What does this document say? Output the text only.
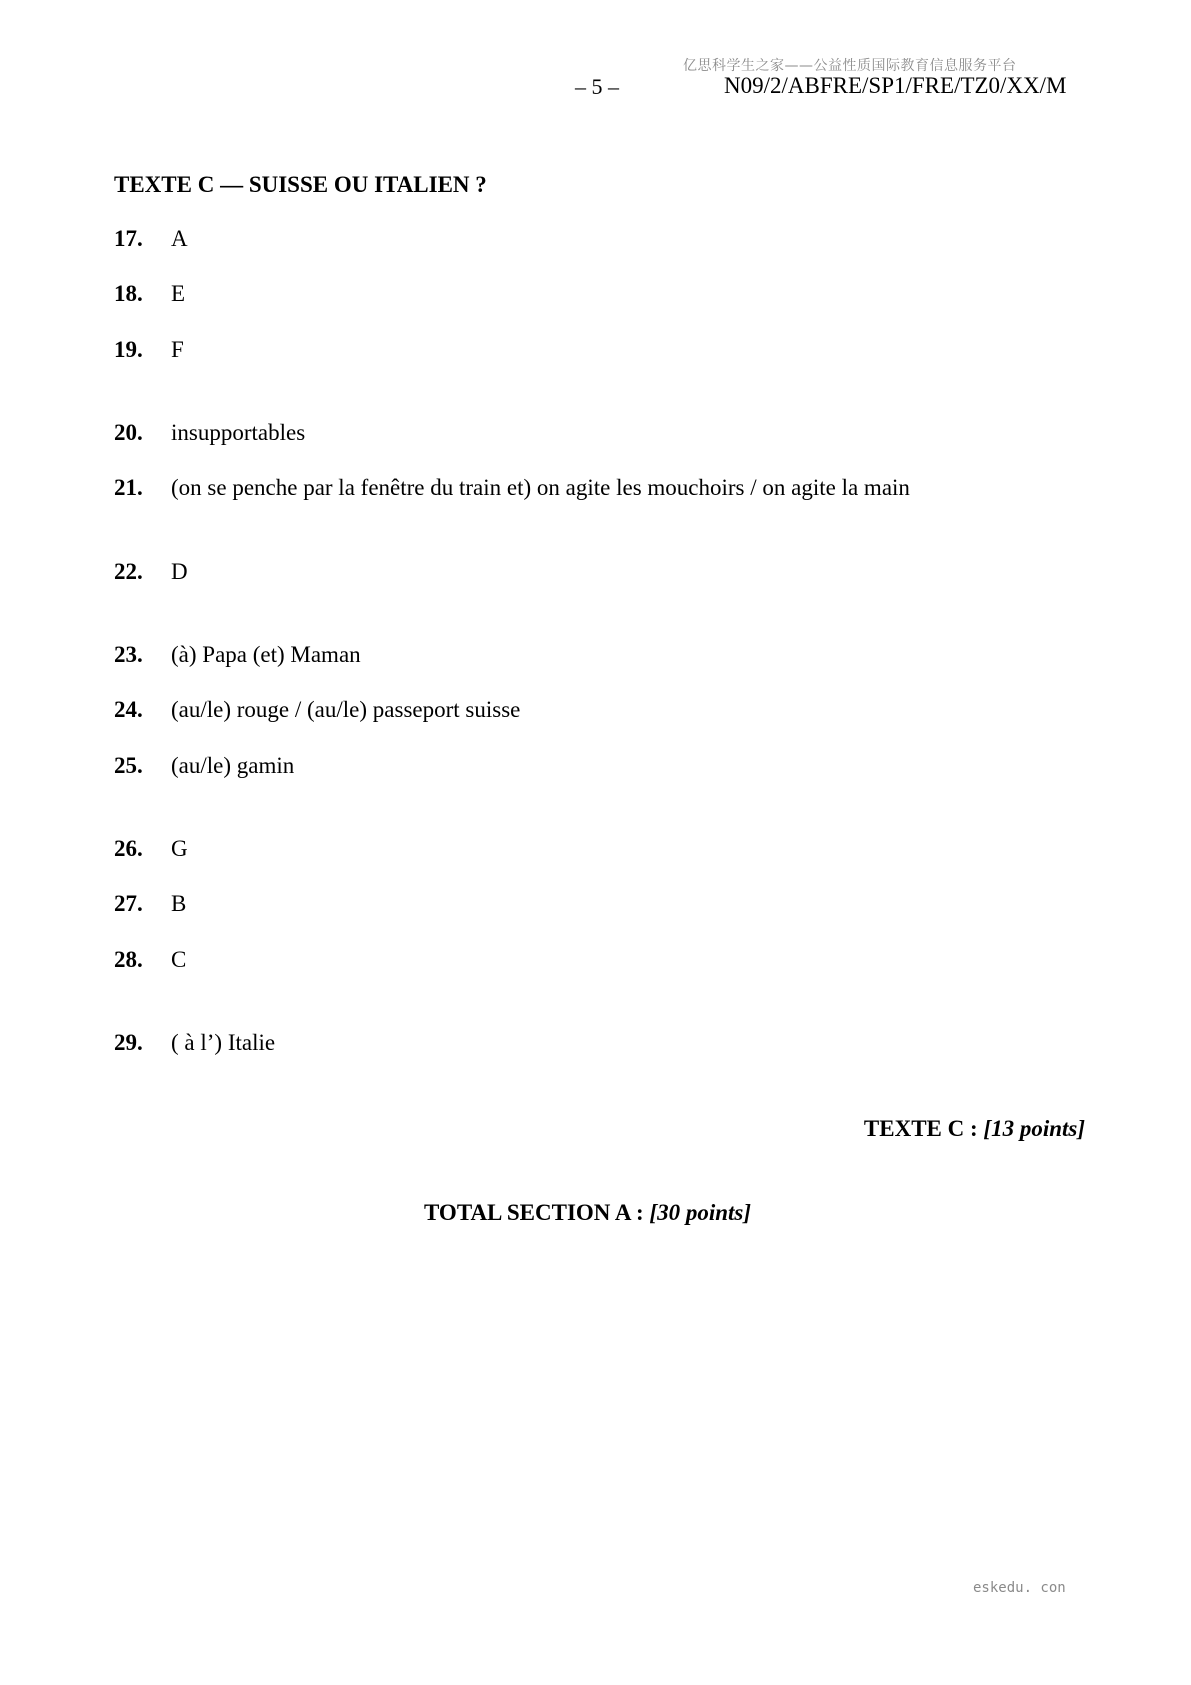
亿思科学生之家——公益性质国际教育信息服务平台
– 5 –	N09/2/ABFRE/SP1/FRE/TZ0/XX/M
TEXTE C — SUISSE OU ITALIEN ?
17.	A
18.	E
19.	F
20.	insupportables
21.	(on se penche par la fenêtre du train et) on agite les mouchoirs / on agite la main
22.	D
23.	(à) Papa (et) Maman
24.	(au/le) rouge / (au/le) passeport suisse
25.	(au/le) gamin
26.	G
27.	B
28.	C
29.	( à l’) Italie
TEXTE C : [13 points]
TOTAL SECTION A : [30 points]
eskedu. con
